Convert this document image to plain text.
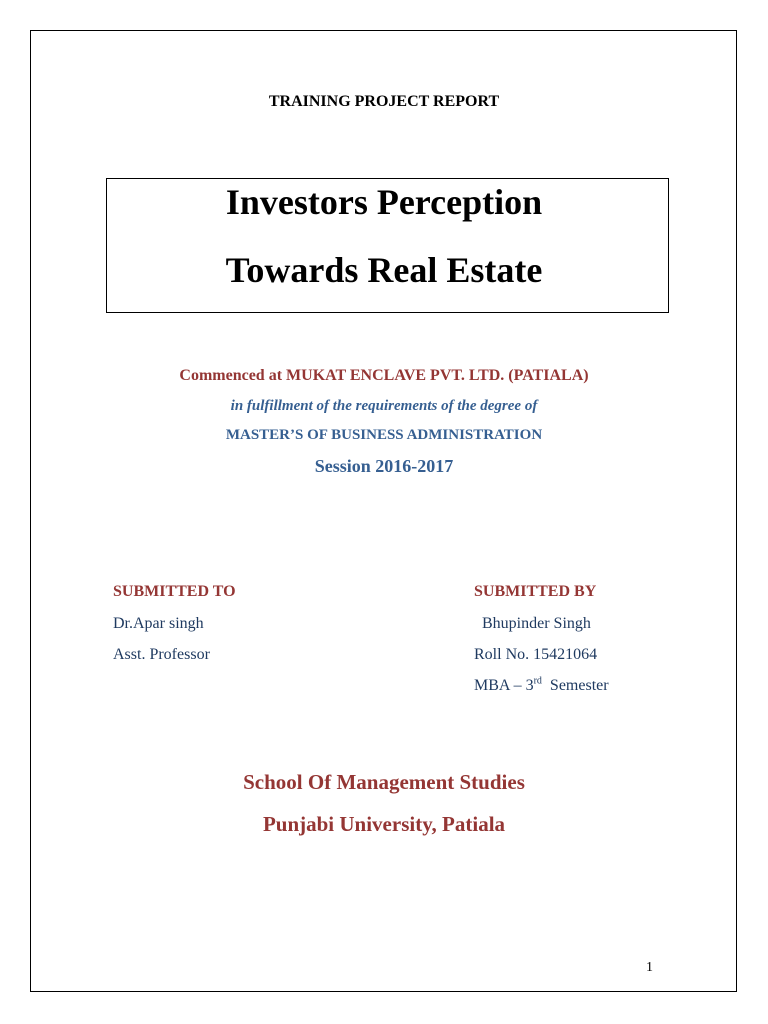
TRAINING PROJECT REPORT
Investors Perception
Towards Real Estate
Commenced at MUKAT ENCLAVE PVT. LTD. (PATIALA)
in fulfillment of the requirements of the degree of
MASTER’S OF BUSINESS ADMINISTRATION
Session 2016-2017
SUBMITTED TO
Dr.Apar singh
Asst. Professor
SUBMITTED BY
Bhupinder Singh
Roll No. 15421064
MBA – 3rd  Semester
School Of Management Studies
Punjabi University, Patiala
1
